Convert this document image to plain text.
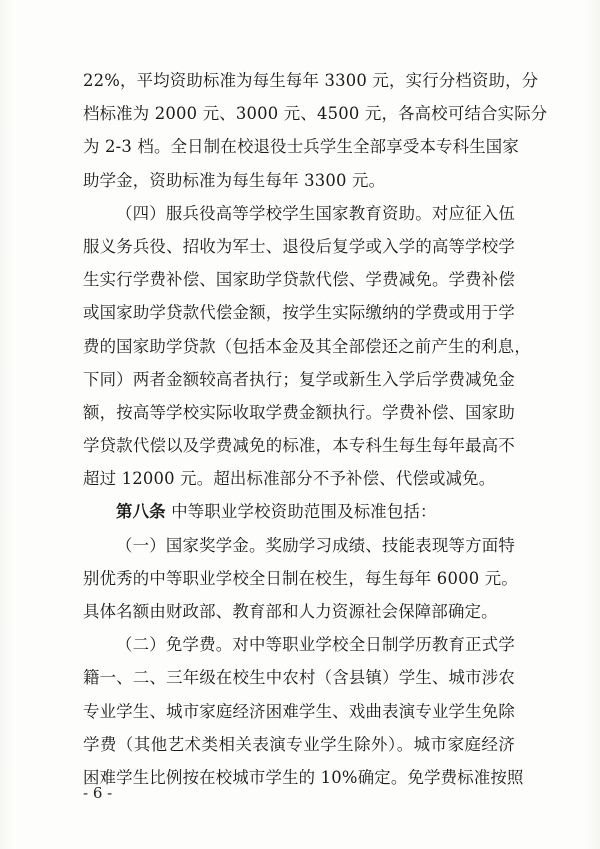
22%，平均资助标准为每生每年 3300 元，实行分档资助，分
档标准为 2000 元、3000 元、4500 元，各高校可结合实际分
为 2-3 档。全日制在校退役士兵学生全部享受本专科生国家
助学金，资助标准为每生每年 3300 元。
（四）服兵役高等学校学生国家教育资助。对应征入伍
服义务兵役、招收为军士、退役后复学或入学的高等学校学
生实行学费补偿、国家助学贷款代偿、学费减免。学费补偿
或国家助学贷款代偿金额，按学生实际缴纳的学费或用于学
费的国家助学贷款（包括本金及其全部偿还之前产生的利息，
下同）两者金额较高者执行；复学或新生入学后学费减免金
额，按高等学校实际收取学费金额执行。学费补偿、国家助
学贷款代偿以及学费减免的标准，本专科生每生每年最高不
超过 12000 元。超出标准部分不予补偿、代偿或减免。
第八条 中等职业学校资助范围及标准包括：
（一）国家奖学金。奖励学习成绩、技能表现等方面特
别优秀的中等职业学校全日制在校生，每生每年 6000 元。
具体名额由财政部、教育部和人力资源社会保障部确定。
（二）免学费。对中等职业学校全日制学历教育正式学
籍一、二、三年级在校生中农村（含县镇）学生、城市涉农
专业学生、城市家庭经济困难学生、戏曲表演专业学生免除
学费（其他艺术类相关表演专业学生除外）。城市家庭经济
困难学生比例按在校城市学生的 10%确定。免学费标准按照
- 6 -
